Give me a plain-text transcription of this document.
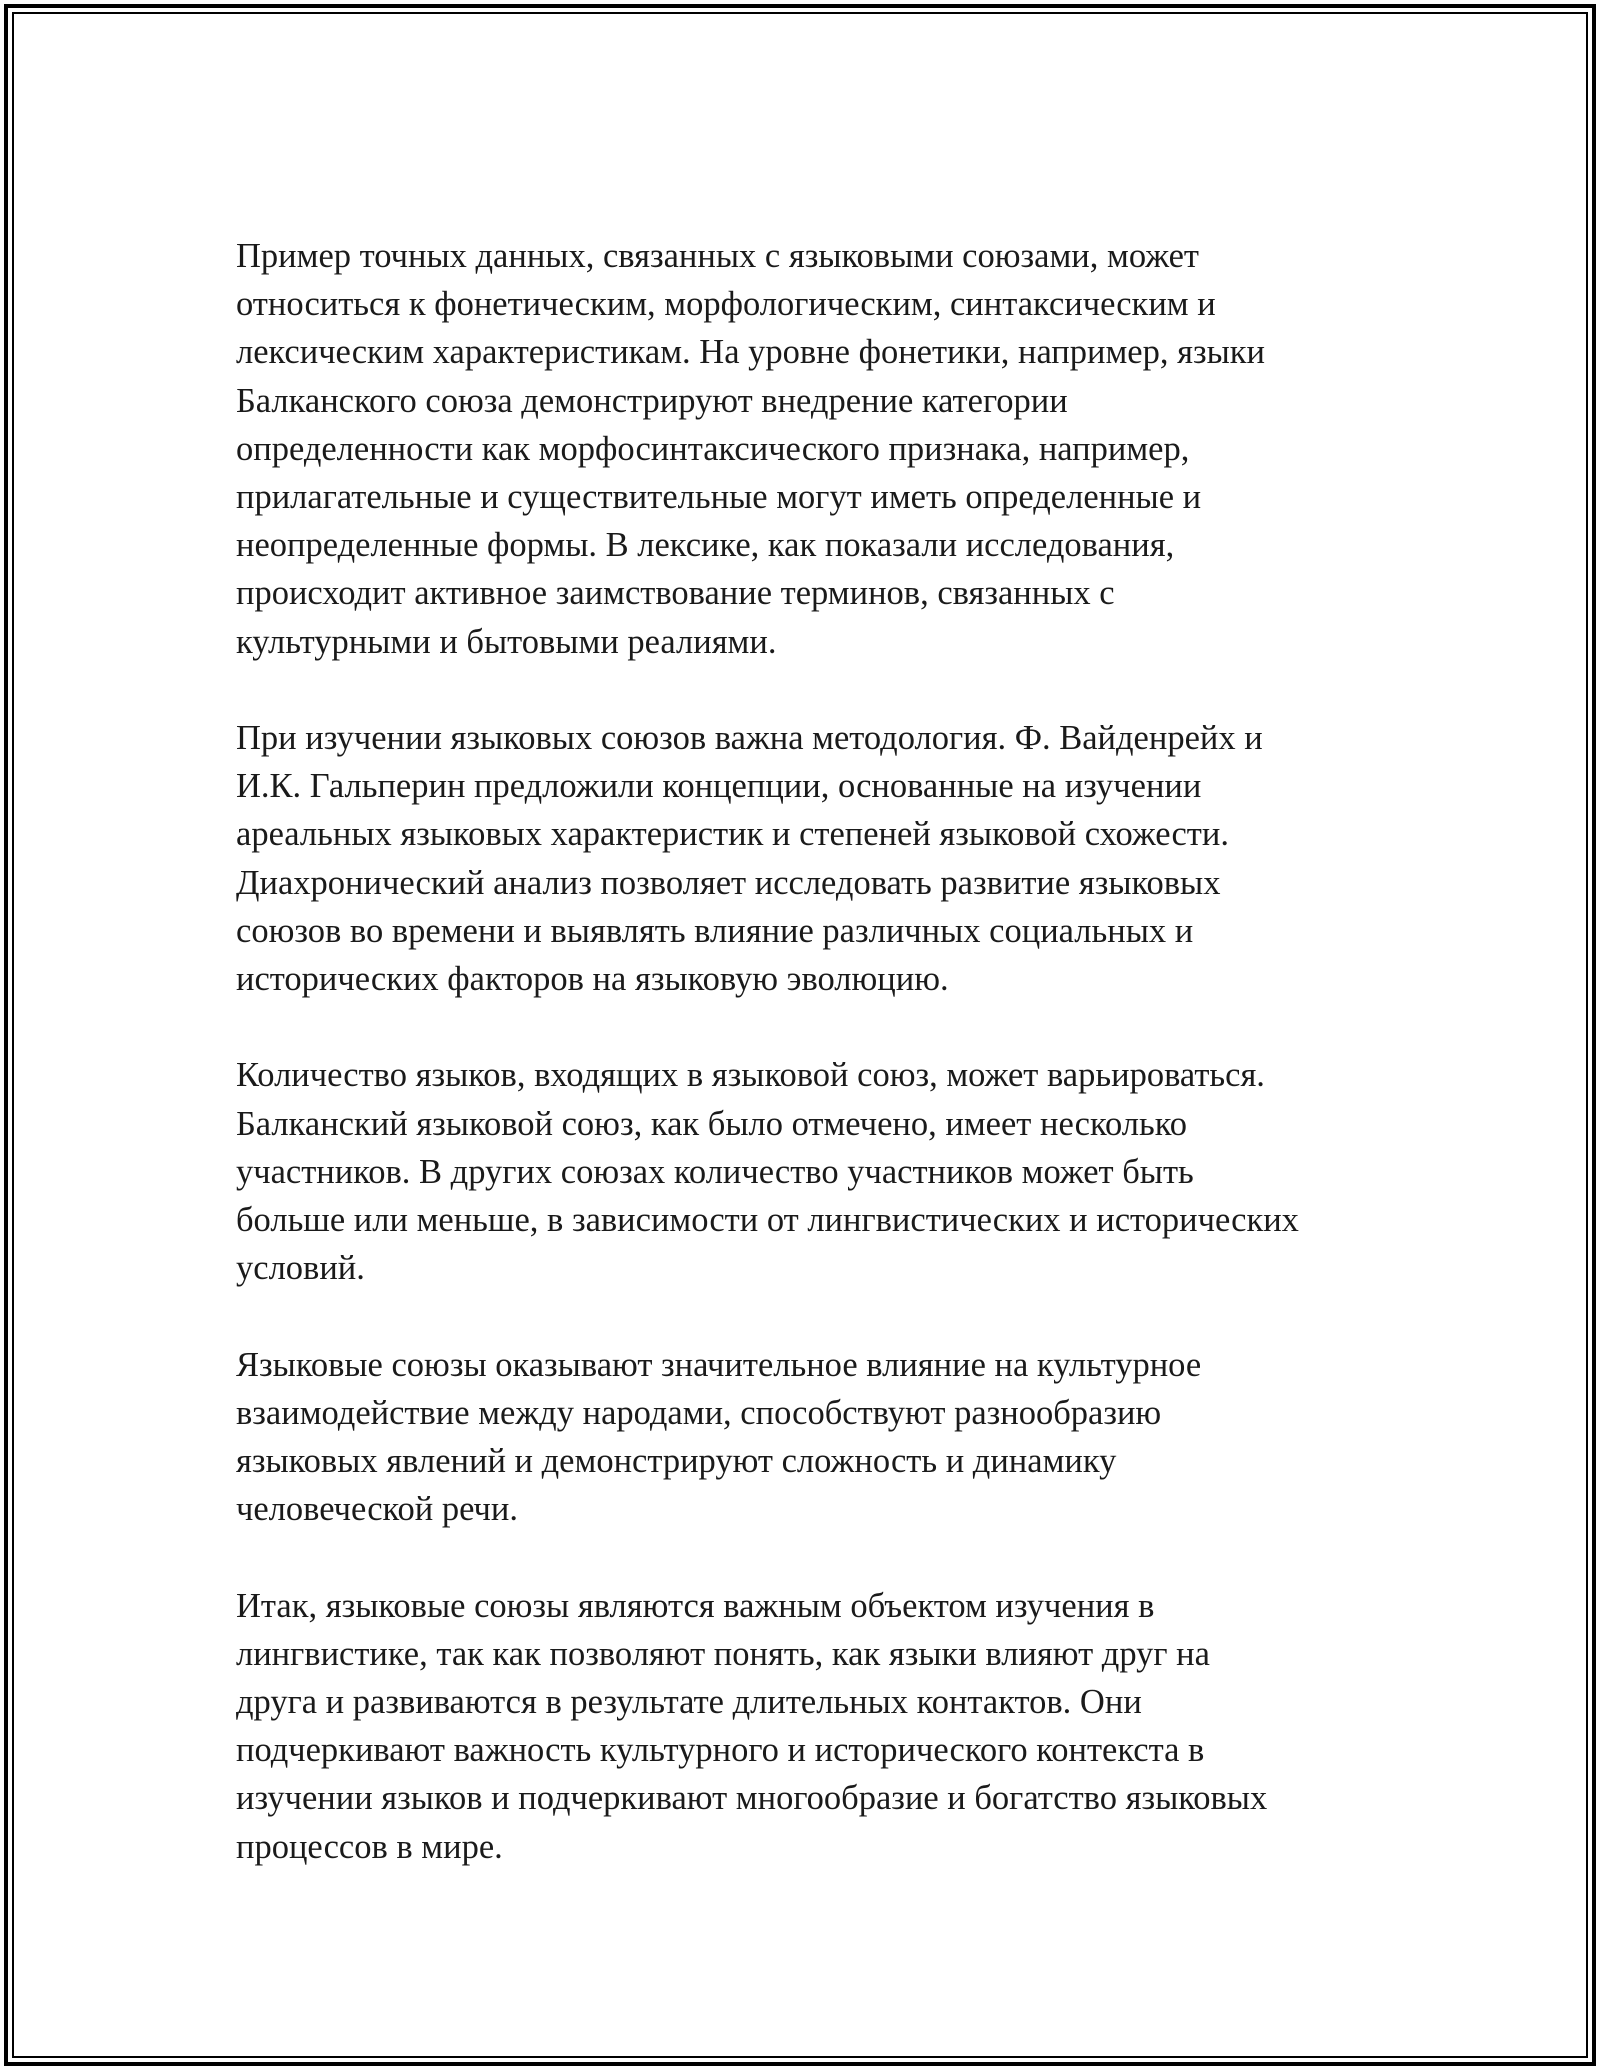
Пример точных данных, связанных с языковыми союзами, может
относиться к фонетическим, морфологическим, синтаксическим и
лексическим характеристикам. На уровне фонетики, например, языки
Балканского союза демонстрируют внедрение категории
определенности как морфосинтаксического признака, например,
прилагательные и существительные могут иметь определенные и
неопределенные формы. В лексике, как показали исследования,
происходит активное заимствование терминов, связанных с
культурными и бытовыми реалиями.

При изучении языковых союзов важна методология. Ф. Вайденрейх и
И.К. Гальперин предложили концепции, основанные на изучении
ареальных языковых характеристик и степеней языковой схожести.
Диахронический анализ позволяет исследовать развитие языковых
союзов во времени и выявлять влияние различных социальных и
исторических факторов на языковую эволюцию.

Количество языков, входящих в языковой союз, может варьироваться.
Балканский языковой союз, как было отмечено, имеет несколько
участников. В других союзах количество участников может быть
больше или меньше, в зависимости от лингвистических и исторических
условий.

Языковые союзы оказывают значительное влияние на культурное
взаимодействие между народами, способствуют разнообразию
языковых явлений и демонстрируют сложность и динамику
человеческой речи.

Итак, языковые союзы являются важным объектом изучения в
лингвистике, так как позволяют понять, как языки влияют друг на
друга и развиваются в результате длительных контактов. Они
подчеркивают важность культурного и исторического контекста в
изучении языков и подчеркивают многообразие и богатство языковых
процессов в мире.
